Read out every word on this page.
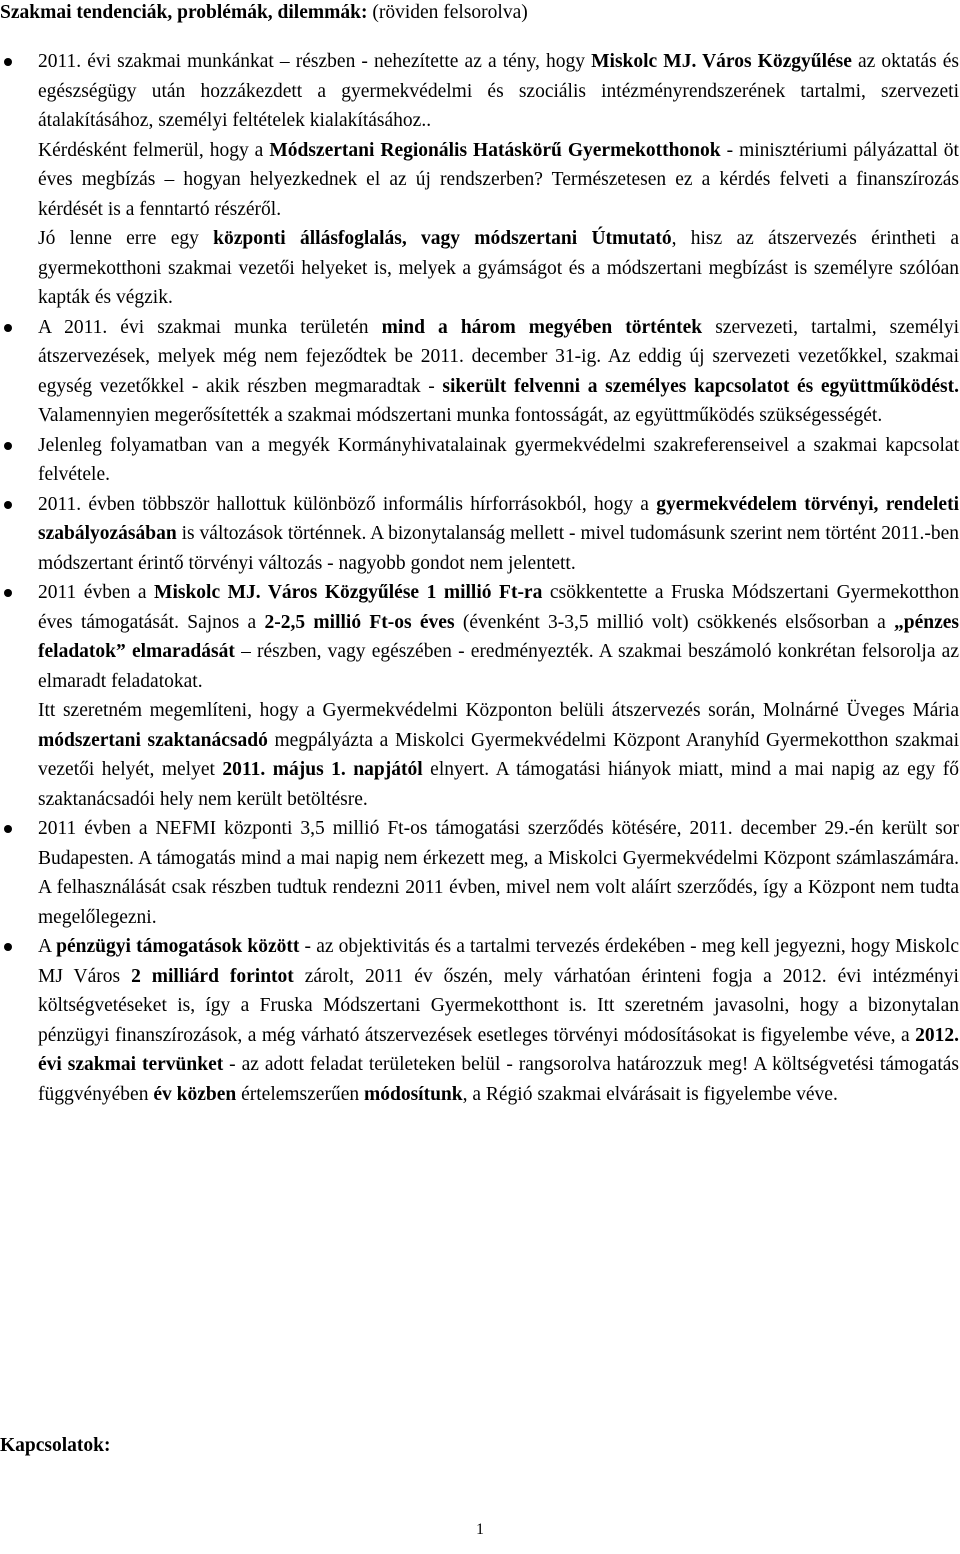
Szakmai tendenciák, problémák, dilemmák: (röviden felsorolva)

2011. évi szakmai munkánkat – részben - nehezítette az a tény, hogy Miskolc MJ. Város Közgyűlése az oktatás és egészségügy után hozzákezdett a gyermekvédelmi és szociális intézményrendszerének tartalmi, szervezeti átalakításához, személyi feltételek kialakításához..

Kérdésként felmerül, hogy a Módszertani Regionális Hatáskörű Gyermekotthonok - minisztériumi pályázattal öt éves megbízás – hogyan helyezkednek el az új rendszerben? Természetesen ez a kérdés felveti a finanszírozás kérdését is a fenntartó részéről.

Jó lenne erre egy központi állásfoglalás, vagy módszertani Útmutató, hisz az átszervezés érintheti a gyermekotthoni szakmai vezetői helyeket is, melyek a gyámságot és a módszertani megbízást is személyre szólóan kapták és végzik.

A 2011. évi szakmai munka területén mind a három megyében történtek szervezeti, tartalmi, személyi átszervezések, melyek még nem fejeződtek be 2011. december 31-ig. Az eddig új szervezeti vezetőkkel, szakmai egység vezetőkkel - akik részben megmaradtak - sikerült felvenni a személyes kapcsolatot és együttműködést. Valamennyien megerősítették a szakmai módszertani munka fontosságát, az együttműködés szükségességét.

Jelenleg folyamatban van a megyék Kormányhivatalainak gyermekvédelmi szakreferenseivel a szakmai kapcsolat felvétele.

2011. évben többször hallottuk különböző informális hírforrásokból, hogy a gyermekvédelem törvényi, rendeleti szabályozásában is változások történnek. A bizonytalanság mellett - mivel tudomásunk szerint nem történt 2011.-ben módszertant érintő törvényi változás - nagyobb gondot nem jelentett.

2011 évben a Miskolc MJ. Város Közgyűlése 1 millió Ft-ra csökkentette a Fruska Módszertani Gyermekotthon éves támogatását. Sajnos a 2-2,5 millió Ft-os éves (évenként 3-3,5 millió volt) csökkenés elsősorban a „pénzes feladatok” elmaradását – részben, vagy egészében - eredményezték. A szakmai beszámoló konkrétan felsorolja az elmaradt feladatokat.

Itt szeretném megemlíteni, hogy a Gyermekvédelmi Központon belüli átszervezés során, Molnárné Üveges Mária módszertani szaktanácsadó megpályázta a Miskolci Gyermekvédelmi Központ Aranyhíd Gyermekotthon szakmai vezetői helyét, melyet 2011. május 1. napjától elnyert. A támogatási hiányok miatt, mind a mai napig az egy fő szaktanácsadói hely nem került betöltésre.

2011 évben a NEFMI központi 3,5 millió Ft-os támogatási szerződés kötésére, 2011. december 29.-én került sor Budapesten. A támogatás mind a mai napig nem érkezett meg, a Miskolci Gyermekvédelmi Központ számlaszámára. A felhasználását csak részben tudtuk rendezni 2011 évben, mivel nem volt aláírt szerződés, így a Központ nem tudta megelőlegezni.

A pénzügyi támogatások között - az objektivitás és a tartalmi tervezés érdekében - meg kell jegyezni, hogy Miskolc MJ Város 2 milliárd forintot zárolt, 2011 év őszén, mely várhatóan érinteni fogja a 2012. évi intézményi költségvetéseket is, így a Fruska Módszertani Gyermekotthont is. Itt szeretném javasolni, hogy a bizonytalan pénzügyi finanszírozások, a még várható átszervezések esetleges törvényi módosításokat is figyelembe véve, a 2012. évi szakmai tervünket - az adott feladat területeken belül - rangsorolva határozzuk meg! A költségvetési támogatás függvényében év közben értelemszerűen módosítunk, a Régió szakmai elvárásait is figyelembe véve.

Kapcsolatok:
1
